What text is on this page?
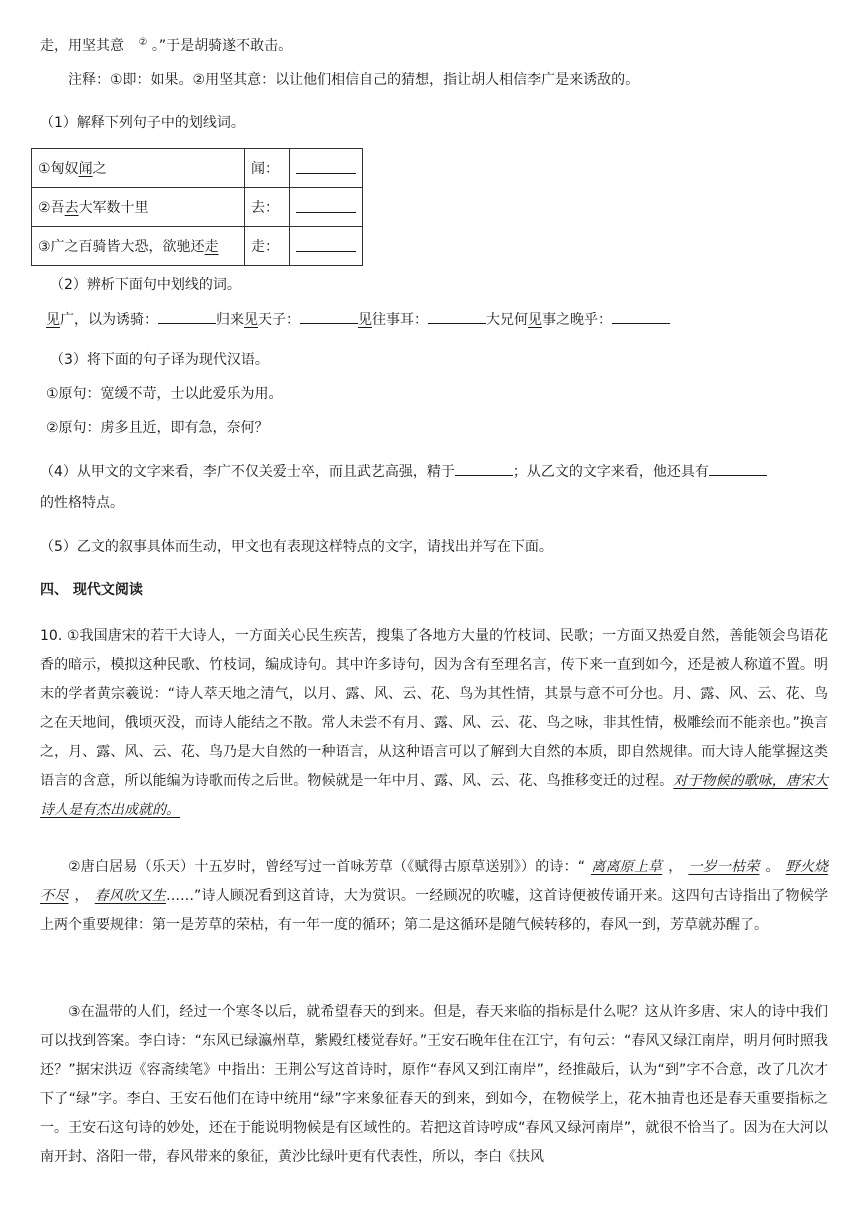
走，用坚其意 ② 。”于是胡骑遂不敢击。
注释：①即：如果。②用坚其意：以让他们相信自己的猜想，指让胡人相信李广是来诱敌的。
（1）解释下列句子中的划线词。
①匈奴闻之	闻：	
②吾去大军数十里	去：	
③广之百骑皆大恐，欲驰还走	走：	
（2）辨析下面句中划线的词。
见广，以为诱骑：	归来见天子：	见往事耳：	大兄何见事之晚乎：
（3）将下面的句子译为现代汉语。
①原句：宽缓不苛，士以此爱乐为用。
②原句：虏多且近，即有急，奈何？
（4）从甲文的文字来看，李广不仅关爱士卒，而且武艺高强，精于	；从乙文的文字来看，他还具有
的性格特点。
（5）乙文的叙事具体而生动，甲文也有表现这样特点的文字，请找出并写在下面。
四、 现代文阅读
10. ①我国唐宋的若干大诗人，一方面关心民生疾苦，搜集了各地方大量的竹枝词、民歌；一方面又热爱自然，善能领会鸟语花香的暗示，模拟这种民歌、竹枝词，编成诗句。其中许多诗句，因为含有至理名言，传下来一直到如今，还是被人称道不置。明末的学者黄宗羲说：“诗人萃天地之清气，以月、露、风、云、花、鸟为其性情，其景与意不可分也。月、露、风、云、花、鸟之在天地间，俄顷灭没，而诗人能结之不散。常人未尝不有月、露、风、云、花、鸟之咏，非其性情，极雕绘而不能亲也。”换言之，月、露、风、云、花、鸟乃是大自然的一种语言，从这种语言可以了解到大自然的本质，即自然规律。而大诗人能掌握这类语言的含意，所以能编为诗歌而传之后世。物候就是一年中月、露、风、云、花、鸟推移变迁的过程。对于物候的歌咏，唐宋大诗人是有杰出成就的。
②唐白居易（乐天）十五岁时，曾经写过一首咏芳草（《赋得古原草送别》）的诗：“ 离离原上草 ， 一岁一枯荣 。 野火烧不尽 ， 春风吹又生……”诗人顾况看到这首诗，大为赏识。一经顾况的吹嘘，这首诗便被传诵开来。这四句古诗指出了物候学上两个重要规律：第一是芳草的荣枯，有一年一度的循环；第二是这循环是随气候转移的，春风一到，芳草就苏醒了。
③在温带的人们，经过一个寒冬以后，就希望春天的到来。但是，春天来临的指标是什么呢？这从许多唐、宋人的诗中我们可以找到答案。李白诗：“东风已绿瀛州草，紫殿红楼觉春好。”王安石晚年住在江宁，有句云：“春风又绿江南岸，明月何时照我还？”据宋洪迈《容斋续笔》中指出：王荆公写这首诗时，原作“春风又到江南岸”，经推敲后，认为“到”字不合意，改了几次才下了“绿”字。李白、王安石他们在诗中统用“绿”字来象征春天的到来，到如今，在物候学上，花木抽青也还是春天重要指标之一。王安石这句诗的妙处，还在于能说明物候是有区域性的。若把这首诗哼成“春风又绿河南岸”，就很不恰当了。因为在大河以南开封、洛阳一带，春风带来的象征，黄沙比绿叶更有代表性，所以，李白《扶风
